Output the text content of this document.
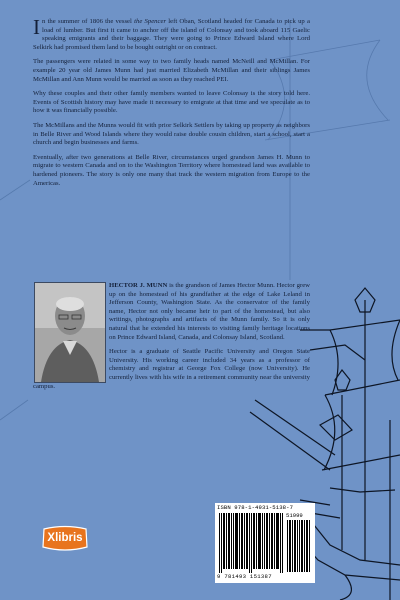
In the summer of 1806 the vessel the Spencer left Oban, Scotland headed for Canada to pick up a load of lumber. But first it came to anchor off the island of Colonsay and took aboard 115 Gaelic speaking emigrants and their baggage. They were going to Prince Edward Island where Lord Selkirk had promised them land to be bought outright or on contract.

The passengers were related in some way to two family heads named McNeill and McMillan. For example 20 year old James Munn had just married Elizabeth McMillan and their siblings James McMillan and Ann Munn would be married as soon as they reached PEI.

Why these couples and their other family members wanted to leave Colonsay is the story told here. Events of Scottish history may have made it necessary to emigrate at that time and we speculate as to how it was financially possible.

The McMillans and the Munns would fit with prior Selkirk Settlers by taking up property as neighbors in Belle River and Wood Islands where they would raise double cousin children, start a school, start a church and begin businesses and farms.

Eventually, after two generations at Belle River, circumstances urged grandson James H. Munn to migrate to western Canada and on to the Washington Territory where homestead land was available to hardened pioneers. The story is only one many that track the western migration from Europe to the Americas.

HECTOR J. MUNN is the grandson of James Hector Munn. Hector grew up on the homestead of his grandfather at the edge of Lake Leland in Jefferson County, Washington State. As the conservator of the family name, Hector not only became heir to part of the homestead, but also writings, photographs and artifacts of the Munn family. So it is only natural that he extended his interests to visiting family heritage locations on Prince Edward Island, Canada, and Colonsay Island, Scotland.

Hector is a graduate of Seattle Pacific University and Oregon State University. His working career included 34 years as a professor of chemistry and registrar at George Fox College (now University). He currently lives with his wife in a retirement community near the university campus.

Xlibris
ISBN 978-1-4931-5138-7
51999
9 781493 151387
